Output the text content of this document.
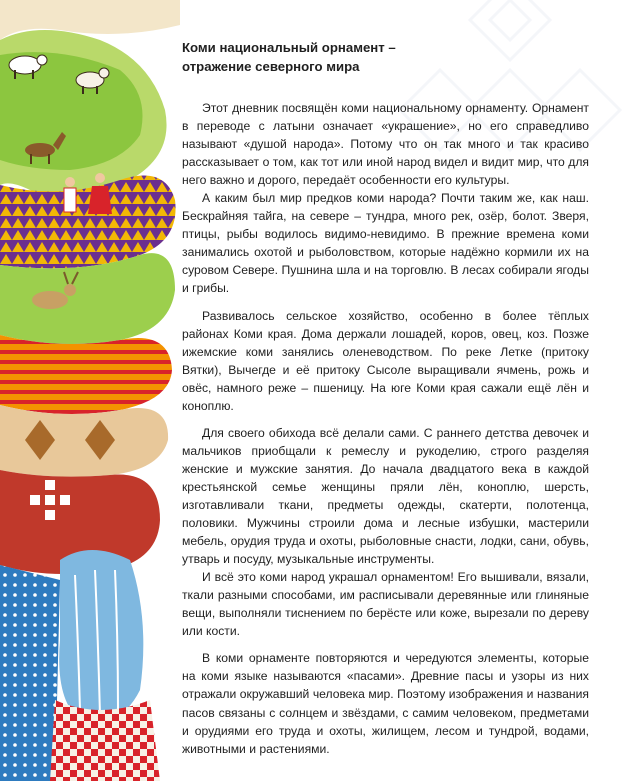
Коми национальный орнамент –
отражение северного мира

Этот дневник посвящён коми национальному орнаменту. Орнамент в переводе с латыни означает «украшение», но его справедливо называют «душой народа». Потому что он так много и так красиво рассказывает о том, как тот или иной народ видел и видит мир, что для него важно и дорого, передаёт особенности его культуры.

А каким был мир предков коми народа? Почти таким же, как наш. Бескрайняя тайга, на севере – тундра, много рек, озёр, болот. Зверя, птицы, рыбы водилось видимо-невидимо. В прежние времена коми занимались охотой и рыболовством, которые надёжно кормили их на суровом Севере. Пушнина шла и на торговлю. В лесах собирали ягоды и грибы.

Развивалось сельское хозяйство, особенно в более тёплых районах Коми края. Дома держали лошадей, коров, овец, коз. Позже ижемские коми занялись оленеводством. По реке Летке (притоку Вятки), Вычегде и её притоку Сысоле выращивали ячмень, рожь и овёс, намного реже – пшеницу. На юге Коми края сажали ещё лён и коноплю.

Для своего обихода всё делали сами. С раннего детства девочек и мальчиков приобщали к ремеслу и рукоделию, строго разделяя женские и мужские занятия. До начала двадцатого века в каждой крестьянской семье женщины пряли лён, коноплю, шерсть, изготавливали ткани, предметы одежды, скатерти, полотенца, половики. Мужчины строили дома и лесные избушки, мастерили мебель, орудия труда и охоты, рыболовные снасти, лодки, сани, обувь, утварь и посуду, музыкальные инструменты.

И всё это коми народ украшал орнаментом! Его вышивали, вязали, ткали разными способами, им расписывали деревянные или глиняные вещи, выполняли тиснением по берёсте или коже, вырезали по дереву или кости.

В коми орнаменте повторяются и чередуются элементы, которые на коми языке называются «пасами». Древние пасы и узоры из них отражали окружавший человека мир. Поэтому изображения и названия пасов связаны с солнцем и звёздами, с самим человеком, предметами и орудиями его труда и охоты, жилищем, лесом и тундрой, водами, животными и растениями.
